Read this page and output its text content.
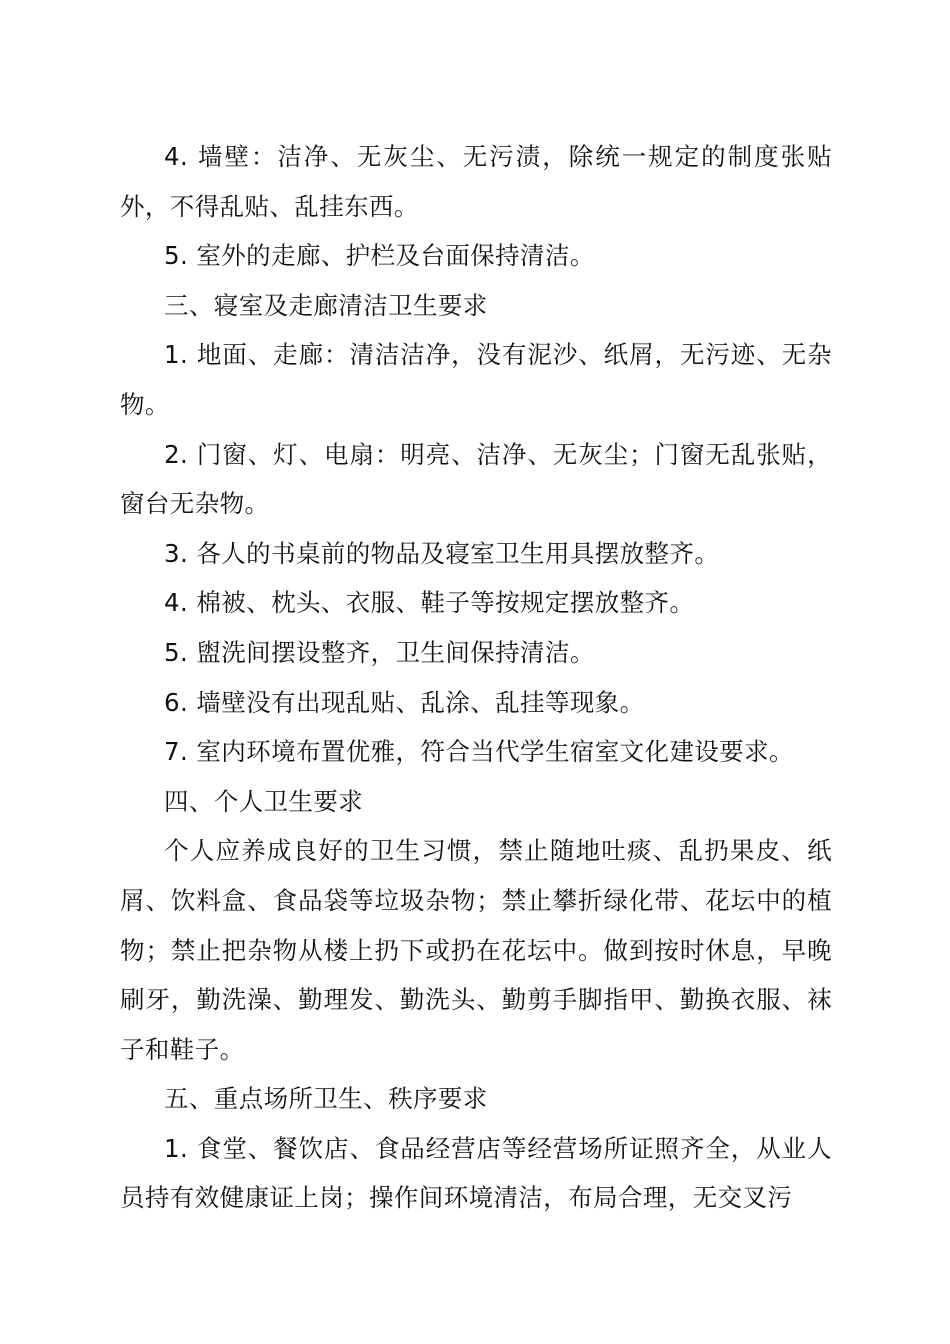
4. 墙壁：洁净、无灰尘、无污渍，除统一规定的制度张贴外，不得乱贴、乱挂东西。

5. 室外的走廊、护栏及台面保持清洁。

三、寝室及走廊清洁卫生要求

1. 地面、走廊：清洁洁净，没有泥沙、纸屑，无污迹、无杂物。

2. 门窗、灯、电扇：明亮、洁净、无灰尘；门窗无乱张贴，窗台无杂物。

3. 各人的书桌前的物品及寝室卫生用具摆放整齐。

4. 棉被、枕头、衣服、鞋子等按规定摆放整齐。

5. 盥洗间摆设整齐，卫生间保持清洁。

6. 墙壁没有出现乱贴、乱涂、乱挂等现象。

7. 室内环境布置优雅，符合当代学生宿室文化建设要求。

四、个人卫生要求

个人应养成良好的卫生习惯，禁止随地吐痰、乱扔果皮、纸屑、饮料盒、食品袋等垃圾杂物；禁止攀折绿化带、花坛中的植物；禁止把杂物从楼上扔下或扔在花坛中。做到按时休息，早晚刷牙，勤洗澡、勤理发、勤洗头、勤剪手脚指甲、勤换衣服、袜子和鞋子。

五、重点场所卫生、秩序要求

1. 食堂、餐饮店、食品经营店等经营场所证照齐全，从业人员持有效健康证上岗；操作间环境清洁，布局合理，无交叉污
